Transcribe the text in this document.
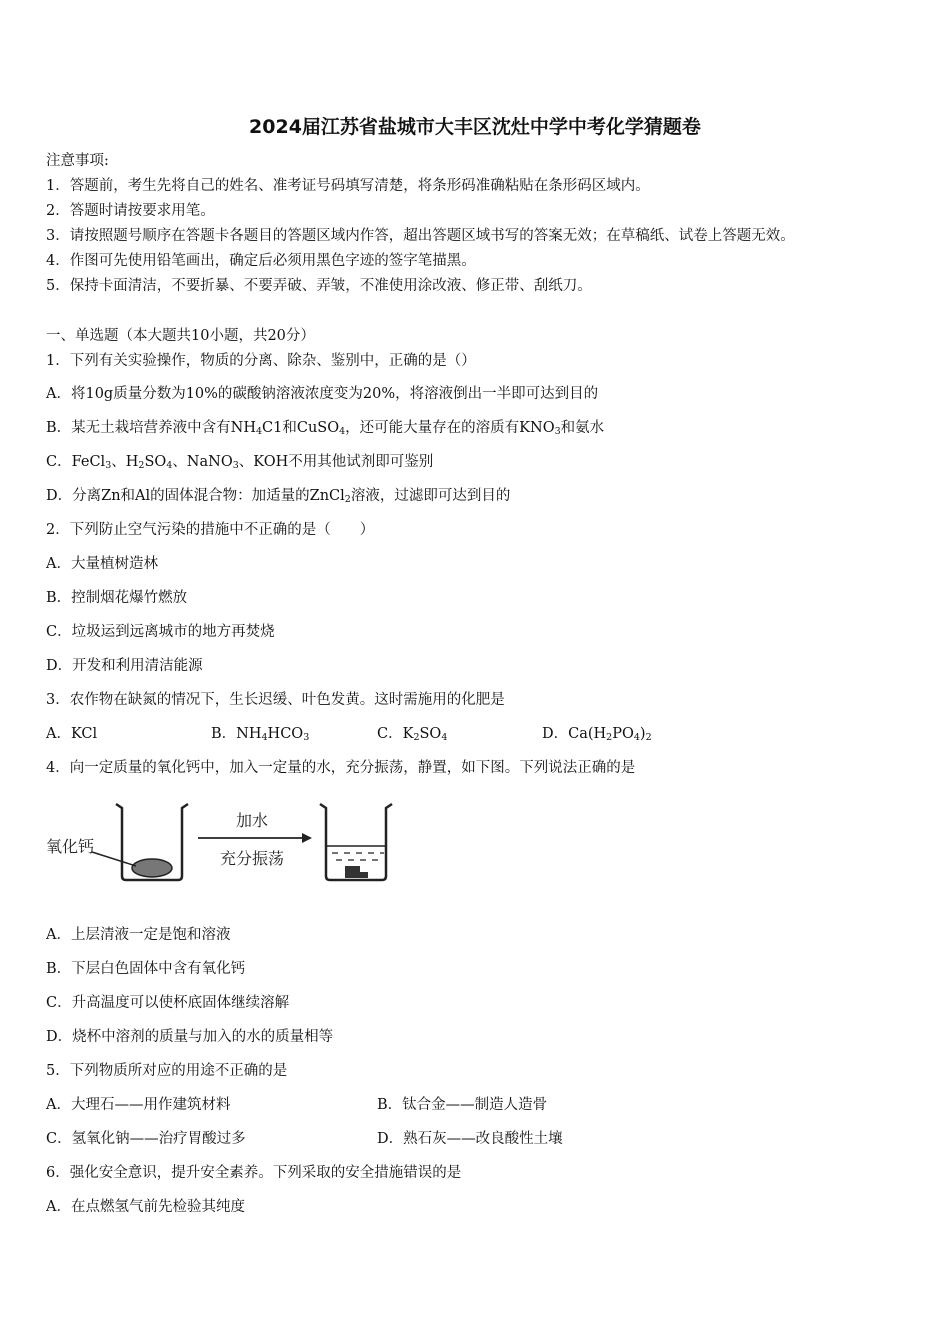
2024届江苏省盐城市大丰区沈灶中学中考化学猜题卷
注意事项:
1．答题前，考生先将自己的姓名、准考证号码填写清楚，将条形码准确粘贴在条形码区域内。
2．答题时请按要求用笔。
3．请按照题号顺序在答题卡各题目的答题区域内作答，超出答题区域书写的答案无效；在草稿纸、试卷上答题无效。
4．作图可先使用铅笔画出，确定后必须用黑色字迹的签字笔描黑。
5．保持卡面清洁，不要折暴、不要弄破、弄皱，不准使用涂改液、修正带、刮纸刀。
一、单选题（本大题共10小题，共20分）
1．下列有关实验操作，物质的分离、除杂、鉴别中，正确的是（）
A．将10g质量分数为10%的碳酸钠溶液浓度变为20%，将溶液倒出一半即可达到目的
B．某无土栽培营养液中含有$NH_4C1$和CuSO$_4$，还可能大量存在的溶质有$KNO_3$和氨水
C．FeCl$_3$、$H_2SO_4$、NaNO$_3$、KOH不用其他试剂即可鉴别
D．分离Zn和Al的固体混合物：加适量的ZnCl$_2$溶液，过滤即可达到目的
2．下列防止空气污染的措施中不正确的是（　　）
A．大量植树造林
B．控制烟花爆竹燃放
C．垃圾运到远离城市的地方再焚烧
D．开发和利用清洁能源
3．农作物在缺氮的情况下，生长迟缓、叶色发黄。这时需施用的化肥是
A．KCl	B．$NH_4HCO_3$	C．$K_2SO_4$	D．$Ca(H_2PO_4)_2$
4．向一定质量的氧化钙中，加入一定量的水，充分振荡，静置，如下图。下列说法正确的是
氧化钙
加水
充分振荡
A．上层清液一定是饱和溶液
B．下层白色固体中含有氧化钙
C．升高温度可以使杯底固体继续溶解
D．烧杯中溶剂的质量与加入的水的质量相等
5．下列物质所对应的用途不正确的是
A．大理石——用作建筑材料	B．钛合金——制造人造骨
C．氢氧化钠——治疗胃酸过多	D．熟石灰——改良酸性土壤
6．强化安全意识，提升安全素养。下列采取的安全措施错误的是
A．在点燃氢气前先检验其纯度
